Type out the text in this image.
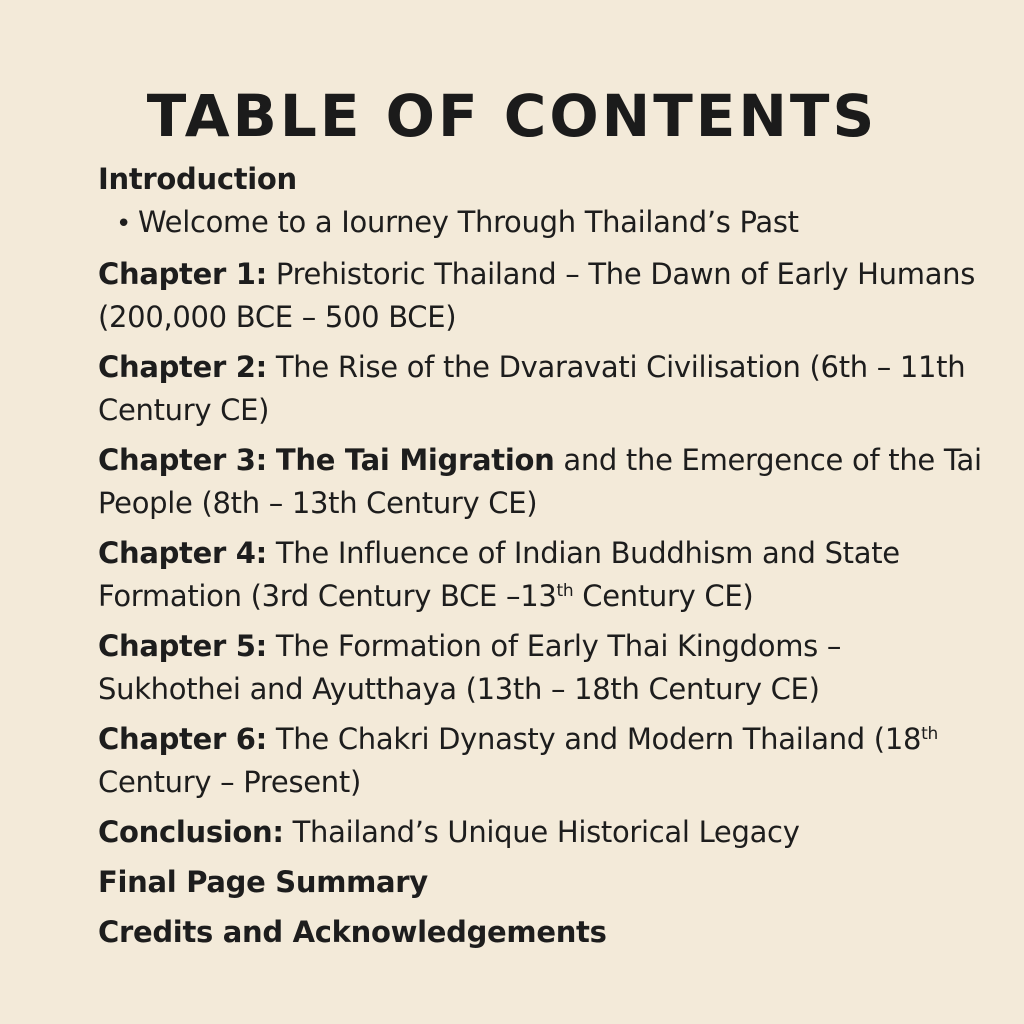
TABLE OF CONTENTS
Introduction
• Welcome to a Iourney Through Thailand’s Past
Chapter 1: Prehistoric Thailand – The Dawn of Early Humans (200,000 BCE – 500 BCE)
Chapter 2: The Rise of the Dvaravati Civilisation (6th – 11th Century CE)
Chapter 3: The Tai Migration and the Emergence of the Tai People (8th – 13th Century CE)
Chapter 4: The Influence of Indian Buddhism and State Formation (3rd Century BCE –13th Century CE)
Chapter 5: The Formation of Early Thai Kingdoms – Sukhothei and Ayutthaya (13th – 18th Century CE)
Chapter 6: The Chakri Dynasty and Modern Thailand (18th Century – Present)
Conclusion: Thailand’s Unique Historical Legacy
Final Page Summary
Credits and Acknowledgements
